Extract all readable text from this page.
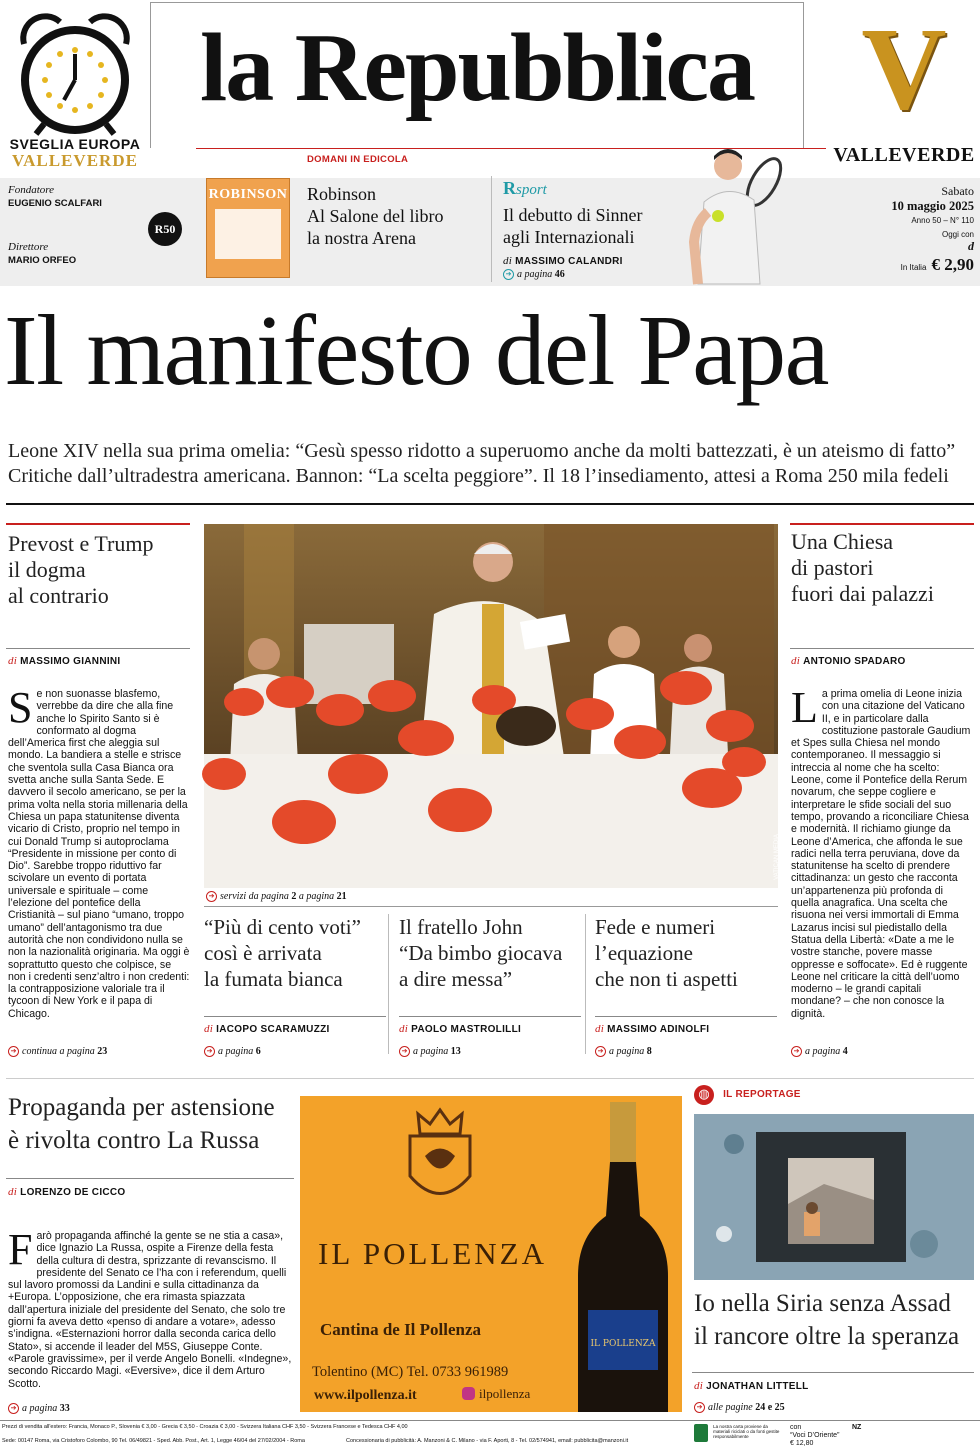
SVEGLIA EUROPA
VALLEVERDE
la Repubblica V
VALLEVERDE
Fondatore
EUGENIO SCALFARI
Direttore
MARIO ORFEO
R50
DOMANI IN EDICOLA
ROBINSON Robinson
Al Salone del libro
la nostra Arena
Rsport
Il debutto di Sinner
agli Internazionali
di MASSIMO CALANDRI
➔ a pagina 46
Sabato
10 maggio 2025
Anno 50 – N° 110
Oggi con
d
In Italia € 2,90
Il manifesto del Papa
Leone XIV nella sua prima omelia: “Gesù spesso ridotto a superuomo anche da molti battezzati, è un ateismo di fatto”
Critiche dall’ultradestra americana. Bannon: “La scelta peggiore”. Il 18 l’insediamento, attesi a Roma 250 mila fedeli
Prevost e Trump
il dogma
al contrario
di MASSIMO GIANNINI
Se non suonasse blasfemo, verrebbe da dire che alla fine anche lo Spirito Santo si è conformato al dogma dell’America first che aleggia sul mondo. La bandiera a stelle e strisce che sventola sulla Casa Bianca ora svetta anche sulla Santa Sede. E davvero il secolo americano, se per la prima volta nella storia millenaria della Chiesa un papa statunitense diventa vicario di Cristo, proprio nel tempo in cui Donald Trump si autoproclama “Presidente in missione per conto di Dio”. Sarebbe troppo riduttivo far scivolare un evento di portata universale e spirituale – come l’elezione del pontefice della Cristianità – sul piano “umano, troppo umano” dell’antagonismo tra due autorità che non condividono nulla se non la nazionalità originaria. Ma oggi è soprattutto questo che colpisce, se non i credenti senz’altro i non credenti: la contrapposizione valoriale tra il tycoon di New York e il papa di Chicago.
➔ continua a pagina 23
VATICAN MEDIA
➔ servizi da pagina 2 a pagina 21
“Più di cento voti”
così è arrivata
la fumata bianca
di IACOPO SCARAMUZZI
➔ a pagina 6
Il fratello John
“Da bimbo giocava
a dire messa”
di PAOLO MASTROLILLI
➔ a pagina 13
Fede e numeri
l’equazione
che non ti aspetti
di MASSIMO ADINOLFI
➔ a pagina 8
Una Chiesa
di pastori
fuori dai palazzi
di ANTONIO SPADARO
La prima omelia di Leone inizia con una citazione del Vaticano II, e in particolare dalla costituzione pastorale Gaudium et Spes sulla Chiesa nel mondo contemporaneo. Il messaggio si intreccia al nome che ha scelto: Leone, come il Pontefice della Rerum novarum, che seppe cogliere e interpretare le sfide sociali del suo tempo, provando a riconciliare Chiesa e modernità. Il richiamo giunge da Leone d’America, che affonda le sue radici nella terra peruviana, dove da statunitense ha scelto di prendere cittadinanza: un gesto che racconta un’appartenenza più profonda di quella anagrafica. Una scelta che risuona nei versi immortali di Emma Lazarus incisi sul piedistallo della Statua della Libertà: «Date a me le vostre stanche, povere masse oppresse e soffocate». Ed è ruggente Leone nel criticare la città dell’uomo moderno – le grandi capitali mondane? – che non conosce la dignità.
➔ a pagina 4
Propaganda per astensione
è rivolta contro La Russa
di LORENZO DE CICCO
Farò propaganda affinché la gente se ne stia a casa», dice Ignazio La Russa, ospite a Firenze della festa della cultura di destra, sprizzante di revanscismo. Il presidente del Senato ce l’ha con i referendum, quelli sul lavoro promossi da Landini e sulla cittadinanza da +Europa. L’opposizione, che era rimasta spiazzata dall’apertura iniziale del presidente del Senato, che solo tre giorni fa aveva detto «penso di andare a votare», adesso s’indigna. «Esternazioni horror dalla seconda carica dello Stato», si accende il leader del M5S, Giuseppe Conte. «Parole gravissime», per il verde Angelo Bonelli. «Indegne», secondo Riccardo Magi. «Eversive», dice il dem Arturo Scotto.
➔ a pagina 33
IL POLLENZA
Cantina de Il Pollenza
Tolentino (MC) Tel. 0733 961989
www.ilpollenza.it	ilpollenza
IL POLLENZA
◍ IL REPORTAGE
Io nella Siria senza Assad
il rancore oltre la speranza
di JONATHAN LITTELL
➔ alle pagine 24 e 25
Prezzi di vendita all'estero: Francia, Monaco P., Slovenia € 3,00 - Grecia € 3,50 - Croazia € 3,00 - Svizzera Italiana CHF 3,50 - Svizzera Francese e Tedesca CHF 4,00
Sede: 00147 Roma, via Cristoforo Colombo, 90 Tel. 06/49821 - Sped. Abb. Post., Art. 1, Legge 46/04 del 27/02/2004 - Roma	Concessionaria di pubblicità: A. Manzoni & C. Milano - via F. Aporti, 8 - Tel. 02/574941, email: pubblicita@manzoni.it
La nostra carta proviene da materiali riciclati o da fonti gestite responsabilmente
con
“Voci D’Oriente”
€ 12,80
NZ
